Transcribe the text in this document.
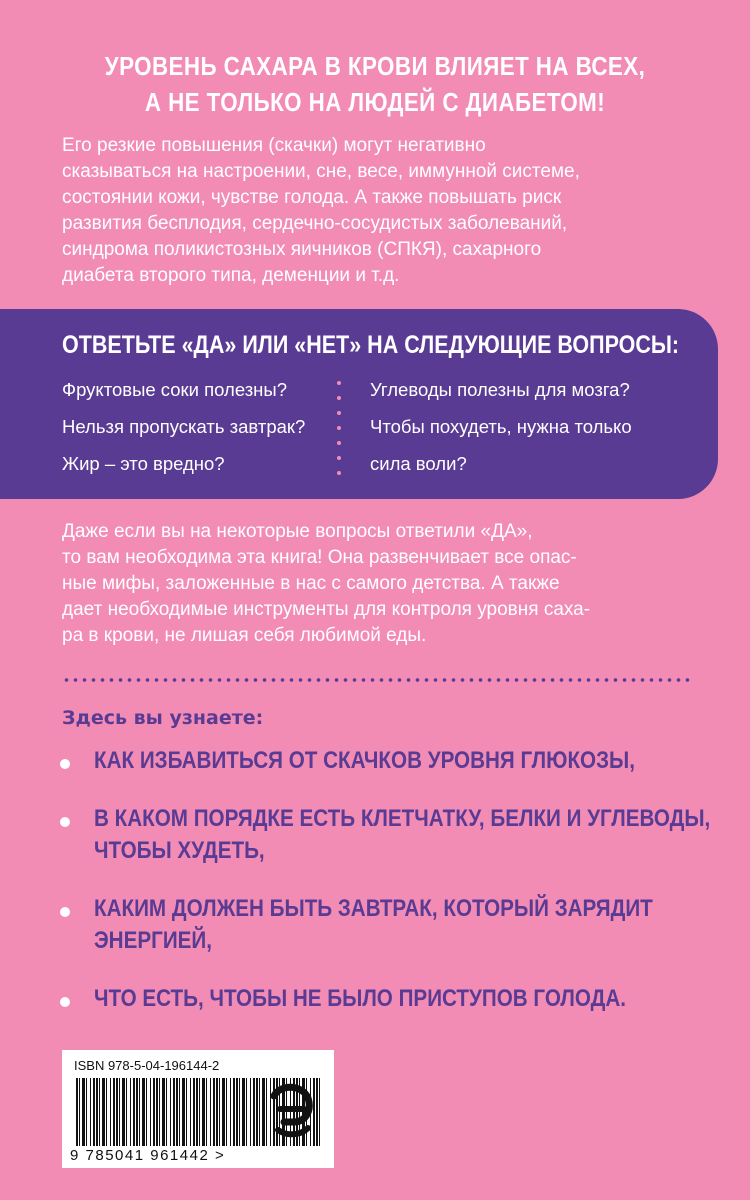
УРОВЕНЬ САХАРА В КРОВИ ВЛИЯЕТ НА ВСЕХ,
А НЕ ТОЛЬКО НА ЛЮДЕЙ С ДИАБЕТОМ!

Его резкие повышения (скачки) могут негативно

сказываться на настроении, сне, весе, иммунной системе,

состоянии кожи, чувстве голода. А также повышать риск

развития бесплодия, сердечно-сосудистых заболеваний,

синдрома поликистозных яичников (СПКЯ), сахарного

диабета второго типа, деменции и т.д.

ОТВЕТЬТЕ «ДА» ИЛИ «НЕТ» НА СЛЕДУЮЩИЕ ВОПРОСЫ:
Фруктовые соки полезны?
Нельзя пропускать завтрак?
Жир – это вредно?
Углеводы полезны для мозга?
Чтобы похудеть, нужна только
сила воли?

Даже если вы на некоторые вопросы ответили «ДА»,

то вам необходима эта книга! Она развенчивает все опас-

ные мифы, заложенные в нас с самого детства. А также

дает необходимые инструменты для контроля уровня саха-

ра в крови, не лишая себя любимой еды.

Здесь вы узнаете:
КАК ИЗБАВИТЬСЯ ОТ СКАЧКОВ УРОВНЯ ГЛЮКОЗЫ,
В КАКОМ ПОРЯДКЕ ЕСТЬ КЛЕТЧАТКУ, БЕЛКИ И УГЛЕВОДЫ,
ЧТОБЫ ХУДЕТЬ,
КАКИМ ДОЛЖЕН БЫТЬ ЗАВТРАК, КОТОРЫЙ ЗАРЯДИТ
ЭНЕРГИЕЙ,
ЧТО ЕСТЬ, ЧТОБЫ НЕ БЫЛО ПРИСТУПОВ ГОЛОДА.
ISBN 978-5-04-196144-2
9 785041 961442 >
